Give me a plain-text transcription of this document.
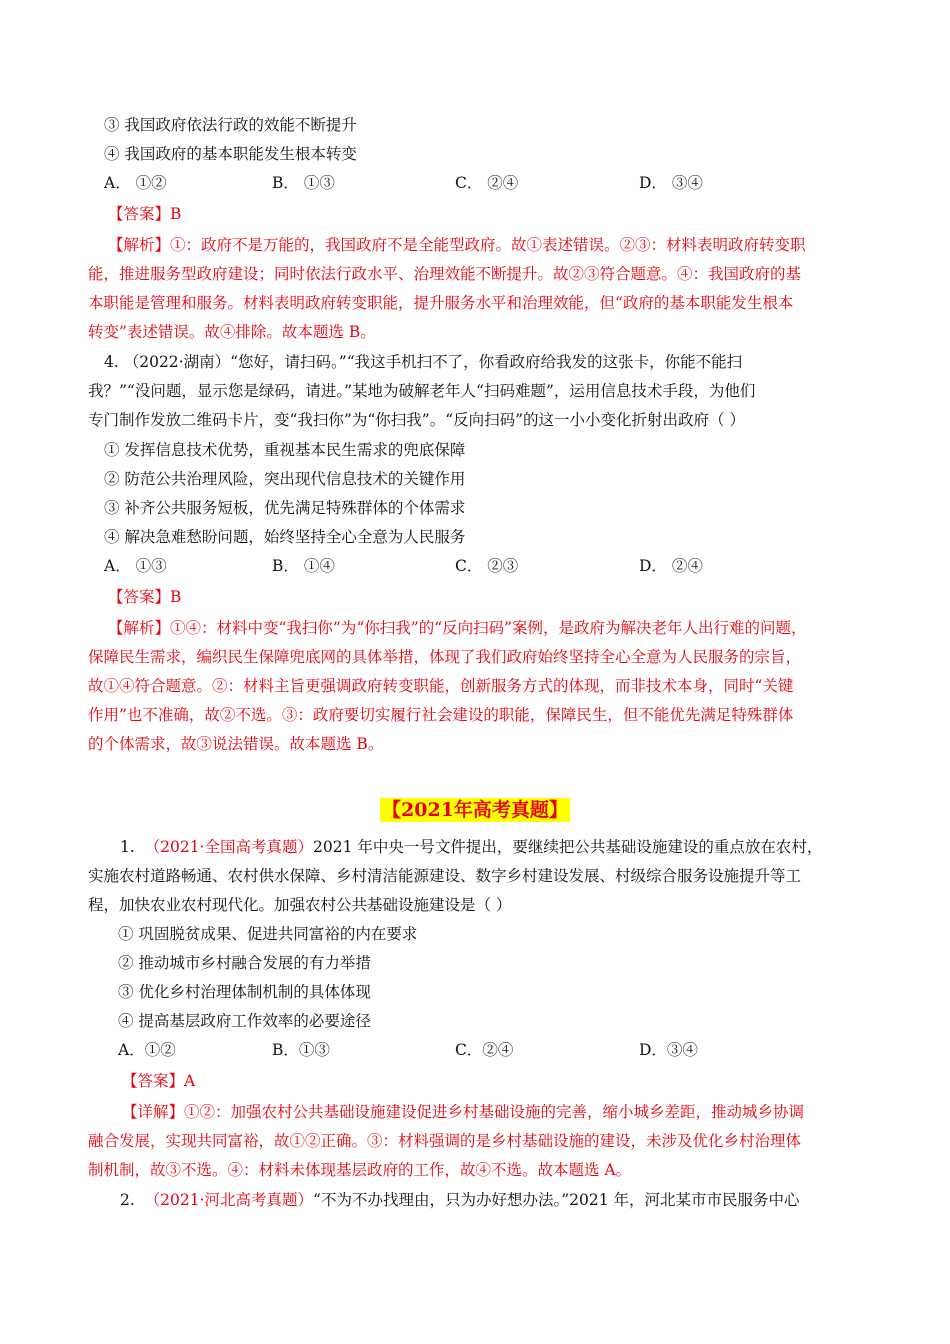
③ 我国政府依法行政的效能不断提升
④ 我国政府的基本职能发生根本转变
A． ①②	B． ①③	C． ②④	D． ③④
【答案】B
【解析】①：政府不是万能的，我国政府不是全能型政府。故①表述错误。②③：材料表明政府转变职
能，推进服务型政府建设；同时依法行政水平、治理效能不断提升。故②③符合题意。④：我国政府的基
本职能是管理和服务。材料表明政府转变职能，提升服务水平和治理效能，但“政府的基本职能发生根本
转变”表述错误。故④排除。故本题选 B。
4. （2022·湖南）“您好，请扫码。”“我这手机扫不了，你看政府给我发的这张卡，你能不能扫
我？”“没问题，显示您是绿码，请进。”某地为破解老年人“扫码难题”，运用信息技术手段，为他们
专门制作发放二维码卡片，变“我扫你”为“你扫我”。“反向扫码”的这一小小变化折射出政府（ ）
① 发挥信息技术优势，重视基本民生需求的兜底保障
② 防范公共治理风险，突出现代信息技术的关键作用
③ 补齐公共服务短板，优先满足特殊群体的个体需求
④ 解决急难愁盼问题，始终坚持全心全意为人民服务
A． ①③	B． ①④	C． ②③	D． ②④
【答案】B
【解析】①④：材料中变“我扫你”为“你扫我”的“反向扫码”案例，是政府为解决老年人出行难的问题，
保障民生需求，编织民生保障兜底网的具体举措，体现了我们政府始终坚持全心全意为人民服务的宗旨，
故①④符合题意。②：材料主旨更强调政府转变职能，创新服务方式的体现，而非技术本身，同时“关键
作用”也不准确，故②不选。③：政府要切实履行社会建设的职能，保障民生，但不能优先满足特殊群体
的个体需求，故③说法错误。故本题选 B。
【2021年高考真题】
1. （2021·全国高考真题）2021 年中央一号文件提出，要继续把公共基础设施建设的重点放在农村，
实施农村道路畅通、农村供水保障、乡村清洁能源建设、数字乡村建设发展、村级综合服务设施提升等工
程，加快农业农村现代化。加强农村公共基础设施建设是（ ）
① 巩固脱贫成果、促进共同富裕的内在要求
② 推动城市乡村融合发展的有力举措
③ 优化乡村治理体制机制的具体体现
④ 提高基层政府工作效率的必要途径
A．①②	B．①③	C．②④	D．③④
【答案】A
【详解】①②：加强农村公共基础设施建设促进乡村基础设施的完善，缩小城乡差距，推动城乡协调
融合发展，实现共同富裕，故①②正确。③：材料强调的是乡村基础设施的建设，未涉及优化乡村治理体
制机制，故③不选。④：材料未体现基层政府的工作，故④不选。故本题选 A。
2. （2021·河北高考真题）“不为不办找理由，只为办好想办法。”2021 年，河北某市市民服务中心
